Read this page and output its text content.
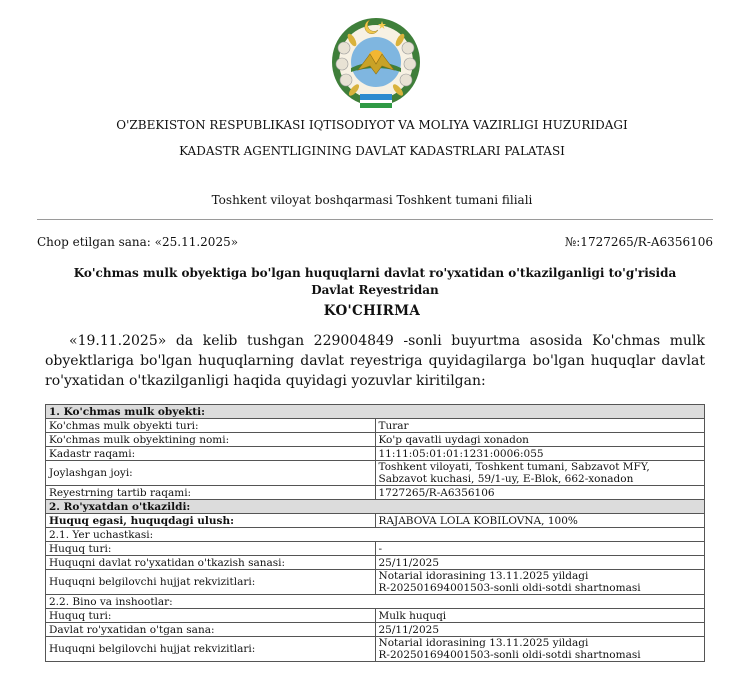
O'ZBEKISTON RESPUBLIKASI IQTISODIYOT VA MOLIYA VAZIRLIGI HUZURIDAGI
KADASTR AGENTLIGINING DAVLAT KADASTRLARI PALATASI
Toshkent viloyat boshqarmasi Toshkent tumani filiali
Chop etilgan sana: «25.11.2025»	№:1727265/R-A6356106
Ko'chmas mulk obyektiga bo'lgan huquqlarni davlat ro'yxatidan o'tkazilganligi to'g'risida Davlat Reyestridan
KO'CHIRMA
«19.11.2025» da kelib tushgan 229004849 -sonli buyurtma asosida Ko'chmas mulk obyektlariga bo'lgan huquqlarning davlat reyestriga quyidagilarga bo'lgan huquqlar davlat ro'yxatidan o'tkazilganligi haqida quyidagi yozuvlar kiritilgan:
1. Ko'chmas mulk obyekti:	
Ko'chmas mulk obyekti turi:	Turar
Ko'chmas mulk obyektining nomi:	Ko'p qavatli uydagi xonadon
Kadastr raqami:	11:11:05:01:01:1231:0006:055
Joylashgan joyi:	Toshkent viloyati, Toshkent tumani, Sabzavot MFY,
Sabzavot kuchasi, 59/1-uy, E-Blok, 662-xonadon

Reyestrning tartib raqami:	1727265/R-A6356106
2. Ro'yxatdan o'tkazildi:	
Huquq egasi, huquqdagi ulush:	RAJABOVA LOLA KOBILOVNA, 100%
2.1. Yer uchastkasi:	
Huquq turi:	-
Huquqni davlat ro'yxatidan o'tkazish sanasi:	25/11/2025
Huquqni belgilovchi hujjat rekvizitlari:	Notarial idorasining 13.11.2025 yildagi
R-202501694001503-sonli oldi-sotdi shartnomasi

2.2. Bino va inshootlar:	
Huquq turi:	Mulk huquqi
Davlat ro'yxatidan o'tgan sana:	25/11/2025
Huquqni belgilovchi hujjat rekvizitlari:	Notarial idorasining 13.11.2025 yildagi
R-202501694001503-sonli oldi-sotdi shartnomasi
